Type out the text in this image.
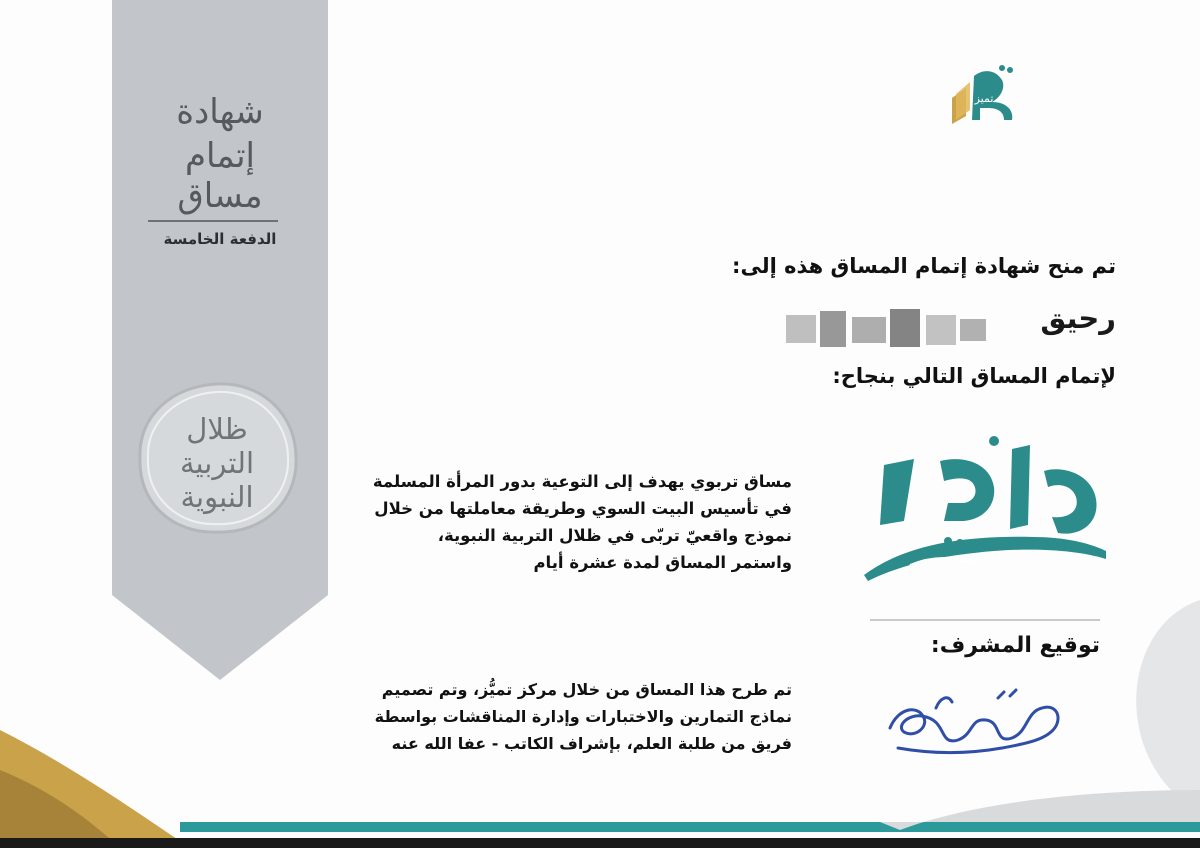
شهادة
إتمام
مساق
الدفعة الخامسة
ظلال
التربية
النبوية
تميز
تم منح شهادة إتمام المساق هذه إلى:
رحيق
لإتمام المساق التالي بنجاح:
مساق تربوي يهدف إلى التوعية بدور المرأة المسلمة
في تأسيس البيت السوي وطريقة معاملتها من خلال
نموذج واقعيّ تربّى في ظلال التربية النبوية،
واستمر المساق لمدة عشرة أيام
توقيع المشرف:
تم طرح هذا المساق من خلال مركز تميُّز، وتم تصميم
نماذج التمارين والاختبارات وإدارة المناقشات بواسطة
فريق من طلبة العلم، بإشراف الكاتب - عفا الله عنه
